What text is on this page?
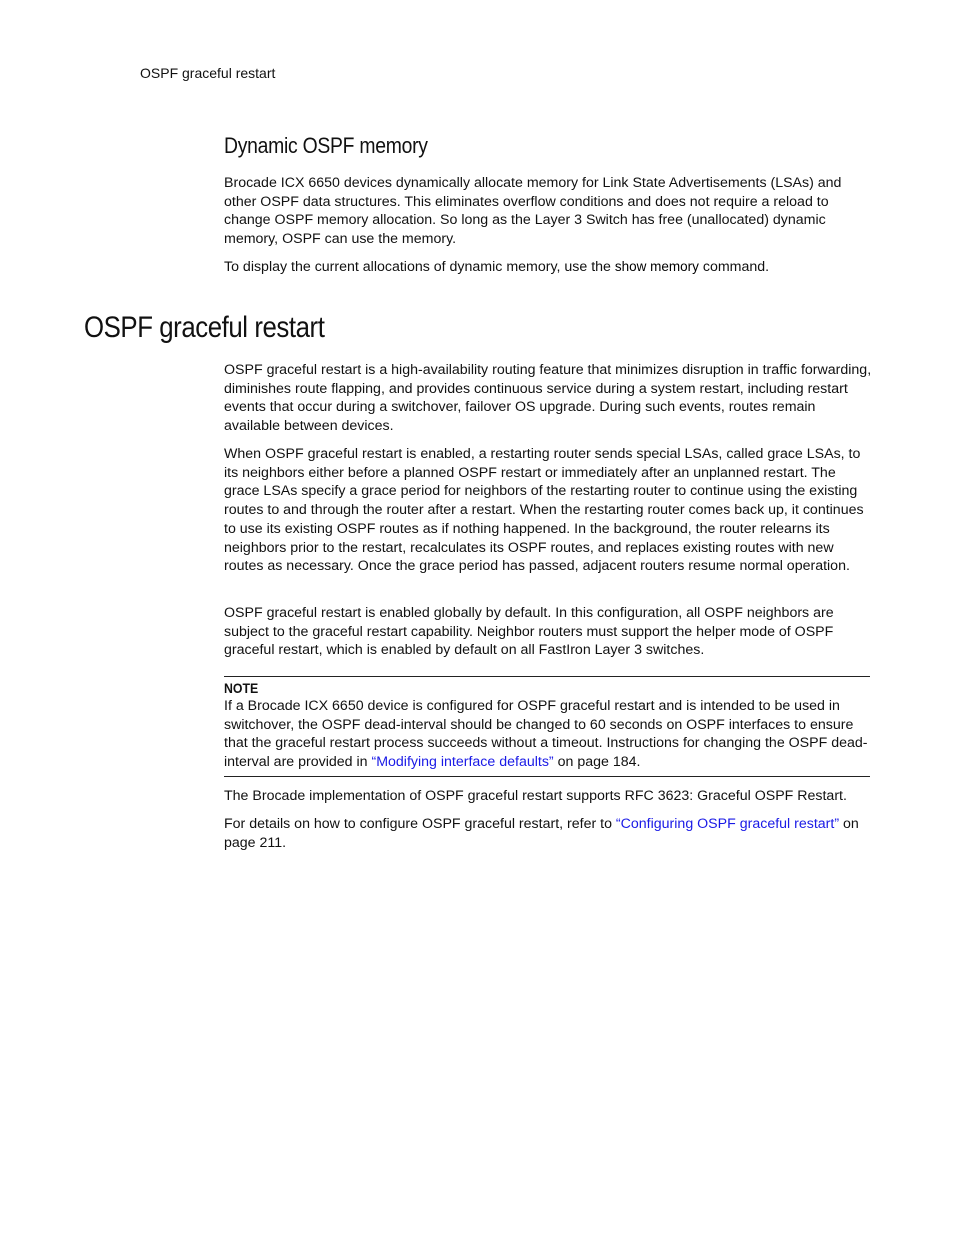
OSPF graceful restart
Dynamic OSPF memory

Brocade ICX 6650 devices dynamically allocate memory for Link State Advertisements (LSAs) and other OSPF data structures. This eliminates overflow conditions and does not require a reload to change OSPF memory allocation. So long as the Layer 3 Switch has free (unallocated) dynamic memory, OSPF can use the memory.

To display the current allocations of dynamic memory, use the show memory command.

OSPF graceful restart

OSPF graceful restart is a high-availability routing feature that minimizes disruption in traffic forwarding, diminishes route flapping, and provides continuous service during a system restart, including restart events that occur during a switchover, failover OS upgrade. During such events, routes remain available between devices.

When OSPF graceful restart is enabled, a restarting router sends special LSAs, called grace LSAs, to its neighbors either before a planned OSPF restart or immediately after an unplanned restart. The grace LSAs specify a grace period for neighbors of the restarting router to continue using the existing routes to and through the router after a restart. When the restarting router comes back up, it continues to use its existing OSPF routes as if nothing happened. In the background, the router relearns its neighbors prior to the restart, recalculates its OSPF routes, and replaces existing routes with new routes as necessary. Once the grace period has passed, adjacent routers resume normal operation.

OSPF graceful restart is enabled globally by default. In this configuration, all OSPF neighbors are subject to the graceful restart capability. Neighbor routers must support the helper mode of OSPF graceful restart, which is enabled by default on all FastIron Layer 3 switches.

NOTE

If a Brocade ICX 6650 device is configured for OSPF graceful restart and is intended to be used in switchover, the OSPF dead-interval should be changed to 60 seconds on OSPF interfaces to ensure that the graceful restart process succeeds without a timeout. Instructions for changing the OSPF dead-interval are provided in “Modifying interface defaults” on page 184.

The Brocade implementation of OSPF graceful restart supports RFC 3623: Graceful OSPF Restart.

For details on how to configure OSPF graceful restart, refer to “Configuring OSPF graceful restart” on page 211.
